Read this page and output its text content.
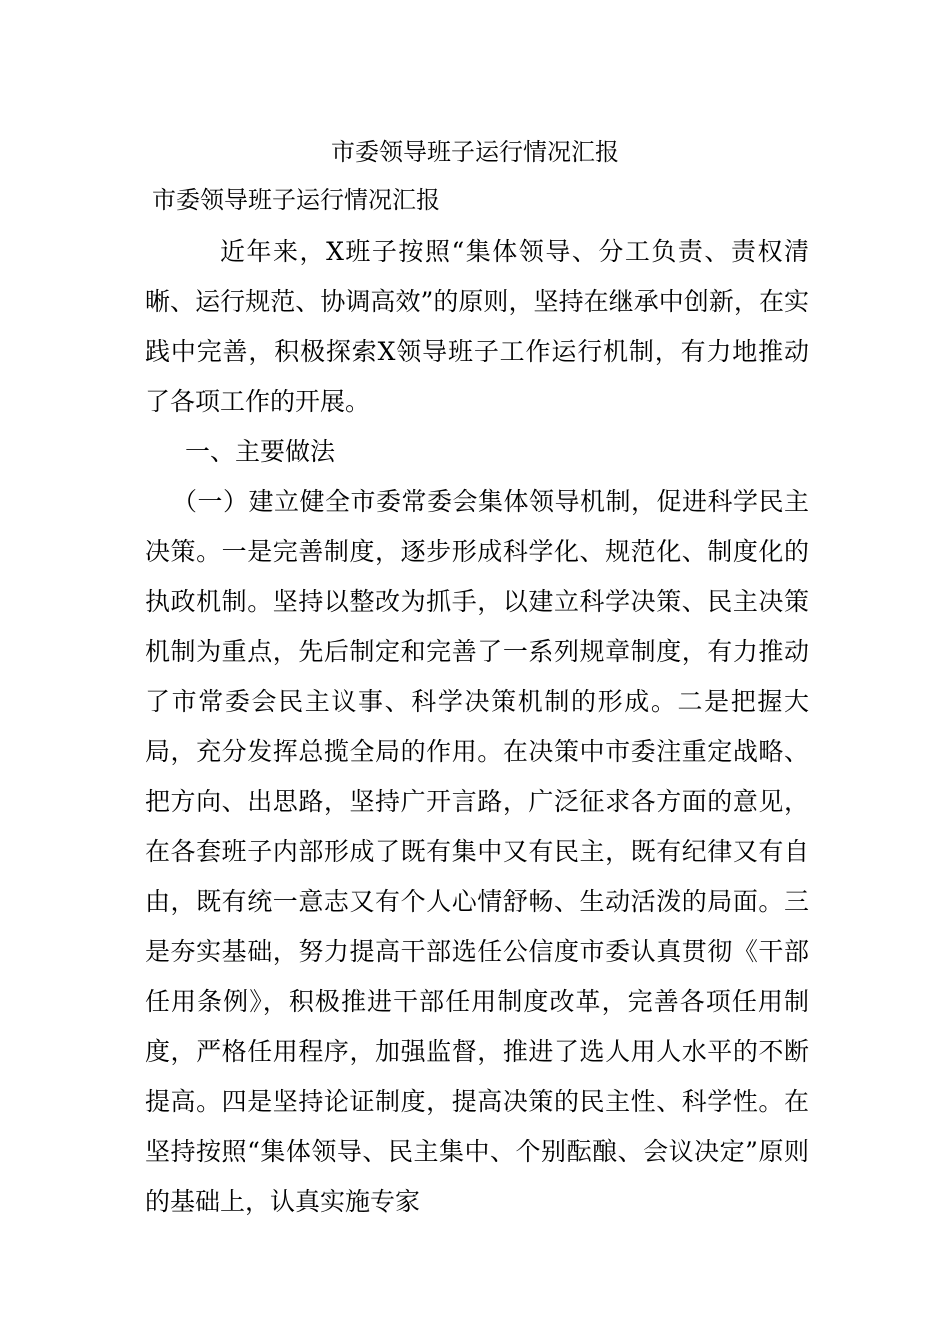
市委领导班子运行情况汇报
市委领导班子运行情况汇报

近年来，X班子按照“集体领导、分工负责、责权清晰、运行规范、协调高效”的原则，坚持在继承中创新，在实践中完善，积极探索X领导班子工作运行机制，有力地推动了各项工作的开展。

一、主要做法

（一）建立健全市委常委会集体领导机制，促进科学民主决策。一是完善制度，逐步形成科学化、规范化、制度化的执政机制。坚持以整改为抓手，以建立科学决策、民主决策机制为重点，先后制定和完善了一系列规章制度，有力推动了市常委会民主议事、科学决策机制的形成。二是把握大局，充分发挥总揽全局的作用。在决策中市委注重定战略、把方向、出思路，坚持广开言路，广泛征求各方面的意见，在各套班子内部形成了既有集中又有民主，既有纪律又有自由，既有统一意志又有个人心情舒畅、生动活泼的局面。三是夯实基础，努力提高干部选任公信度市委认真贯彻《干部任用条例》，积极推进干部任用制度改革，完善各项任用制度，严格任用程序，加强监督，推进了选人用人水平的不断提高。四是坚持论证制度，提高决策的民主性、科学性。在坚持按照“集体领导、民主集中、个别酝酿、会议决定”原则的基础上，认真实施专家
